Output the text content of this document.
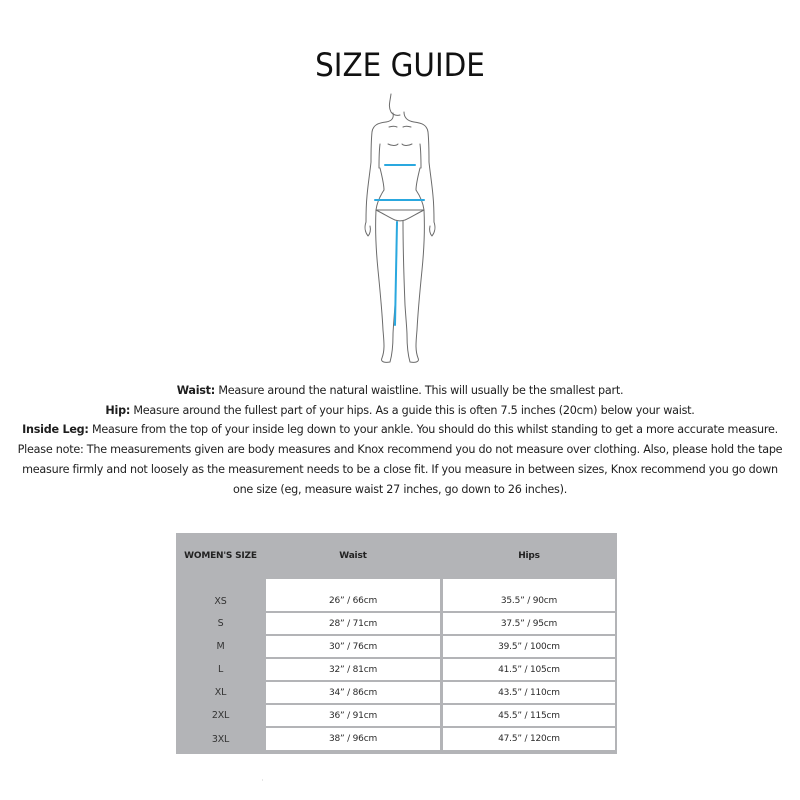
SIZE GUIDE

Waist: Measure around the natural waistline. This will usually be the smallest part.

Hip: Measure around the fullest part of your hips. As a guide this is often 7.5 inches (20cm) below your waist.

Inside Leg: Measure from the top of your inside leg down to your ankle. You should do this whilst standing to get a more accurate measure.

Please note: The measurements given are body measures and Knox recommend you do not measure over clothing. Also, please hold the tape

measure firmly and not loosely as the measurement needs to be a close fit. If you measure in between sizes, Knox recommend you go down

one size (eg, measure waist 27 inches, go down to 26 inches).

WOMEN'S SIZE	Waist	Hips
XS	26” / 66cm	35.5” / 90cm
S	28” / 71cm	37.5” / 95cm
M	30” / 76cm	39.5” / 100cm
L	32” / 81cm	41.5” / 105cm
XL	34” / 86cm	43.5” / 110cm
2XL	36” / 91cm	45.5” / 115cm
3XL	38” / 96cm	47.5” / 120cm
